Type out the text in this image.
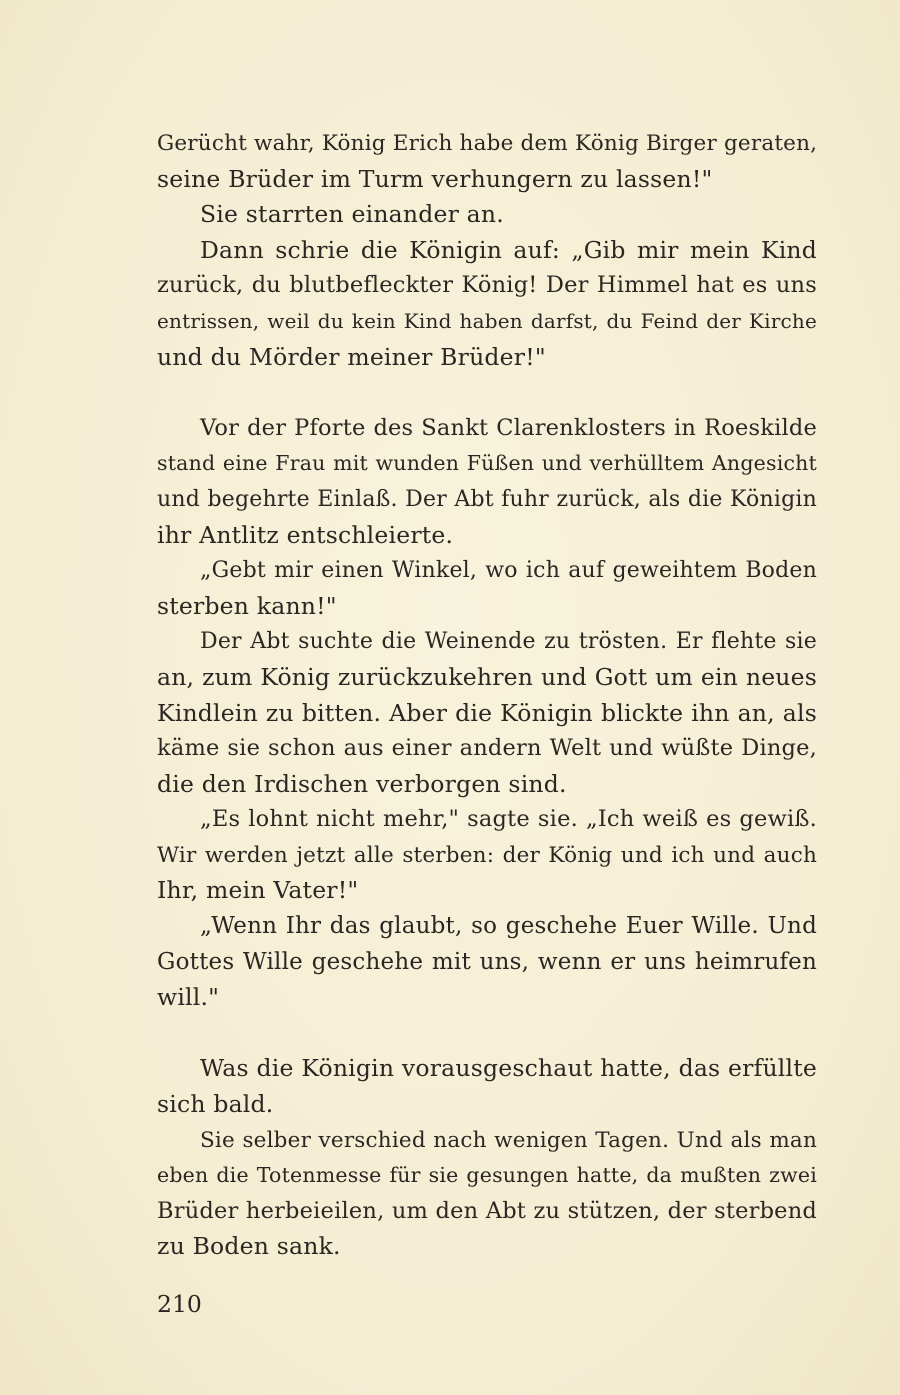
Gerücht wahr, König Erich habe dem König Birger geraten,
seine Brüder im Turm verhungern zu lassen!"
Sie starrten einander an.
Dann schrie die Königin auf: „Gib mir mein Kind
zurück, du blutbefleckter König! Der Himmel hat es uns
entrissen, weil du kein Kind haben darfst, du Feind der Kirche
und du Mörder meiner Brüder!"
Vor der Pforte des Sankt Clarenklosters in Roeskilde
stand eine Frau mit wunden Füßen und verhülltem Angesicht
und begehrte Einlaß. Der Abt fuhr zurück, als die Königin
ihr Antlitz entschleierte.
„Gebt mir einen Winkel, wo ich auf geweihtem Boden
sterben kann!"
Der Abt suchte die Weinende zu trösten. Er flehte sie
an, zum König zurückzukehren und Gott um ein neues
Kindlein zu bitten. Aber die Königin blickte ihn an, als
käme sie schon aus einer andern Welt und wüßte Dinge,
die den Irdischen verborgen sind.
„Es lohnt nicht mehr," sagte sie. „Ich weiß es gewiß.
Wir werden jetzt alle sterben: der König und ich und auch
Ihr, mein Vater!"
„Wenn Ihr das glaubt, so geschehe Euer Wille. Und
Gottes Wille geschehe mit uns, wenn er uns heimrufen
will."
Was die Königin vorausgeschaut hatte, das erfüllte
sich bald.
Sie selber verschied nach wenigen Tagen. Und als man
eben die Totenmesse für sie gesungen hatte, da mußten zwei
Brüder herbeieilen, um den Abt zu stützen, der sterbend
zu Boden sank.
210
